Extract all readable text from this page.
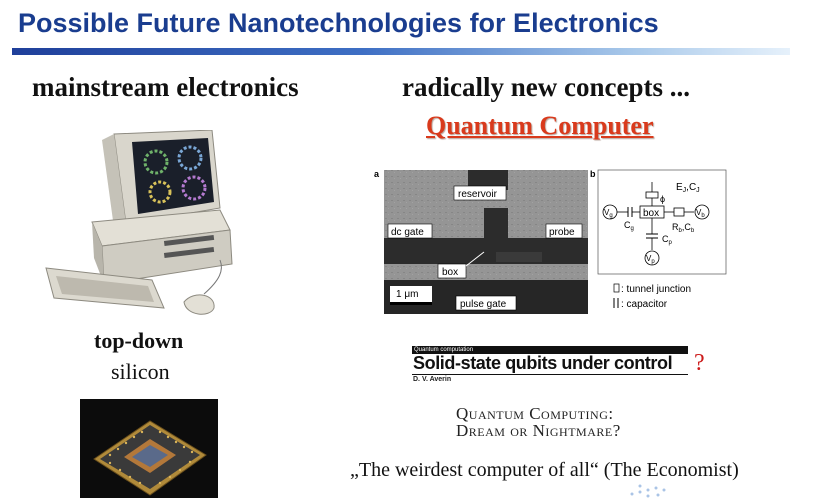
Possible Future Nanotechnologies for Electronics
mainstream electronics	radically new concepts ...
Quantum Computer
top-down
silicon
a
reservoir
dc gate	probe
box
1 μm
pulse gate
b
$E_J,C_J$
ϕ
box
$V_g$
$C_g$
$V_b$
$R_b,C_b$
$C_p$
$V_p$
: tunnel junction
: capacitor
Quantum computation
Solid-state qubits under control
D. V. Averin
?
Quantum Computing:
Dream or Nightmare?
„The weirdest computer of all“ (The Economist)
